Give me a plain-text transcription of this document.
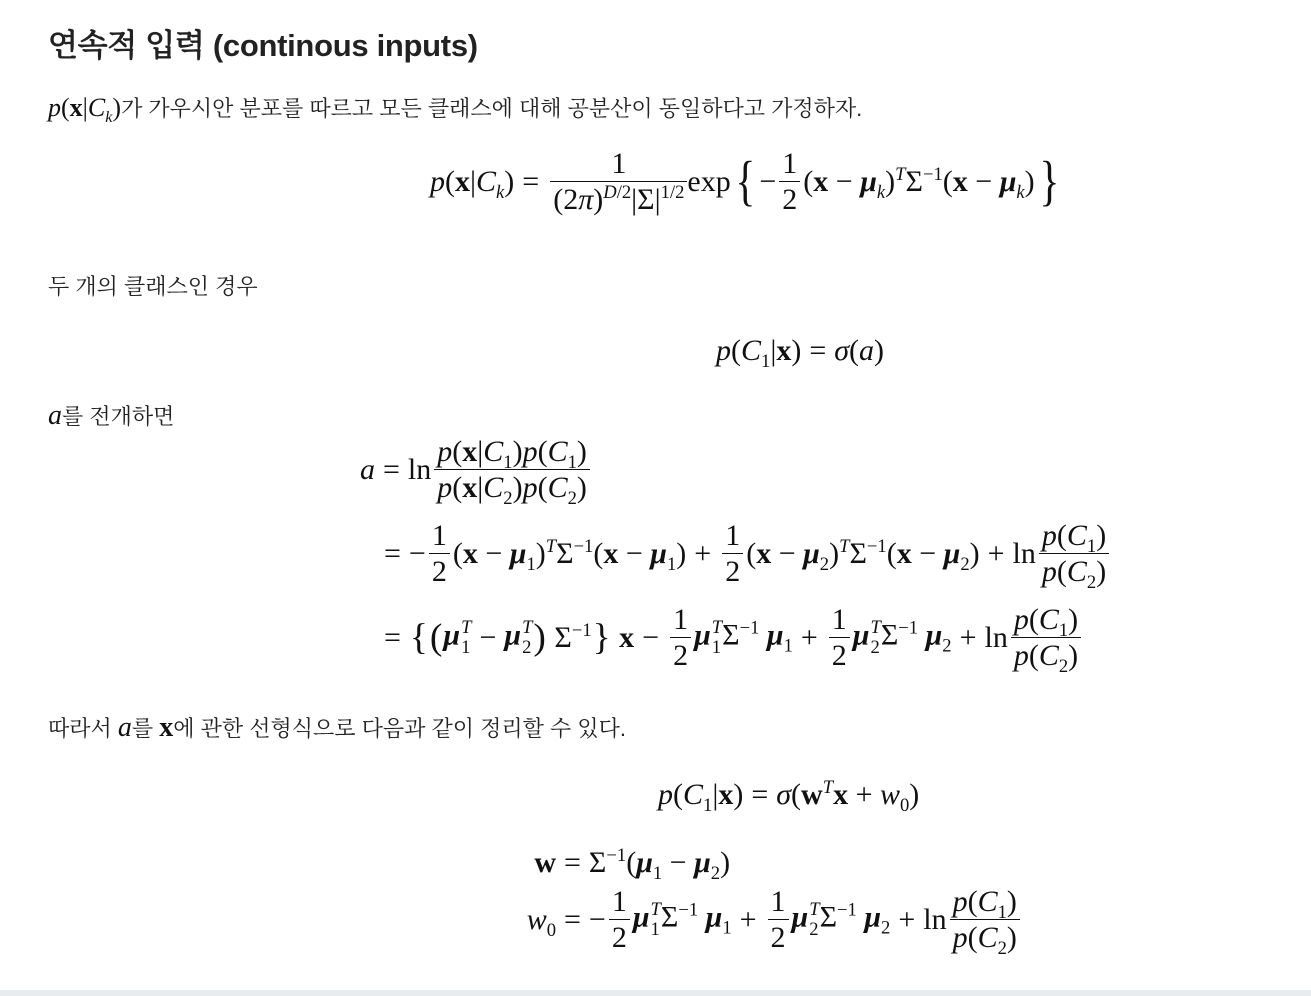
연속적 입력 (continous inputs)

$p(x|C_k)$가 가우시안 분포를 따르고 모든 클래스에 대해 공분산이 동일하다고 가정하자.

$p(x|C_k) = \frac{1}{(2\pi)^{D/2}|\Sigma|^{1/2}}$ exp { − $\frac{1}{2} (x - \mu_k)^T\Sigma^{-1}(x - \mu_k)$ }

두 개의 클래스인 경우

$p(C_1|x) = \sigma(a)$

a를 전개하면

$a = \ln \frac{p(x|C_1)p(C_1)}{p(x|C_2)p(C_2)}$
= − $\frac{1}{2} (x - \mu_1)^T\Sigma^{-1}(x - \mu_1) + \frac{1}{2} (x - \mu_2)^T\Sigma^{-1}(x - \mu_2) + \ln \frac{p(C_1)}{p(C_2)}$
= { ( μ T
1 − μ T
2 ) $\Sigma^{-1}$ } $x - \frac{1}{2}$ μ T
1 $\Sigma^{-1}$ $\mu_1 + \frac{1}{2}$ μ T
2 $\Sigma^{-1}$ $\mu_2 + \ln \frac{p(C_1)}{p(C_2)}$

따라서 a를 x에 관한 선형식으로 다음과 같이 정리할 수 있다.

$p(C_1|x) = \sigma(w^Tx + w_0)$
$w = \Sigma^{-1}(\mu_1 - \mu_2)$
$w_0$ = − $\frac{1}{2}$ μ T
1 $\Sigma^{-1}$ $\mu_1 + \frac{1}{2}$ μ T
2 $\Sigma^{-1}$ $\mu_2 + \ln \frac{p(C_1)}{p(C_2)}$
